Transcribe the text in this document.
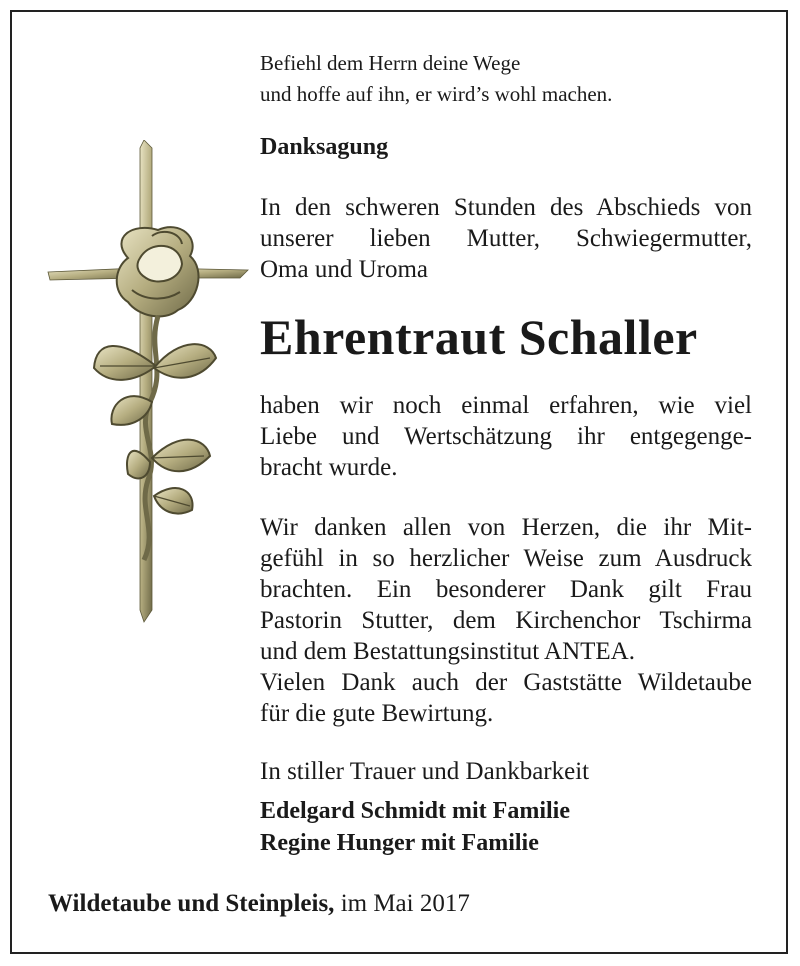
Befiehl dem Herrn deine Wege
und hoffe auf ihn, er wird’s wohl machen.
Danksagung
In den schweren Stunden des Abschieds von
unserer lieben Mutter, Schwiegermutter,
Oma und Uroma
Ehrentraut Schaller
haben wir noch einmal erfahren, wie viel
Liebe und Wertschätzung ihr entgegenge-
bracht wurde.
Wir danken allen von Herzen, die ihr Mit-
gefühl in so herzlicher Weise zum Ausdruck
brachten. Ein besonderer Dank gilt Frau
Pastorin Stutter, dem Kirchenchor Tschirma
und dem Bestattungsinstitut ANTEA.
Vielen Dank auch der Gaststätte Wildetaube
für die gute Bewirtung.
In stiller Trauer und Dankbarkeit
Edelgard Schmidt mit Familie
Regine Hunger mit Familie
Wildetaube und Steinpleis, im Mai 2017
